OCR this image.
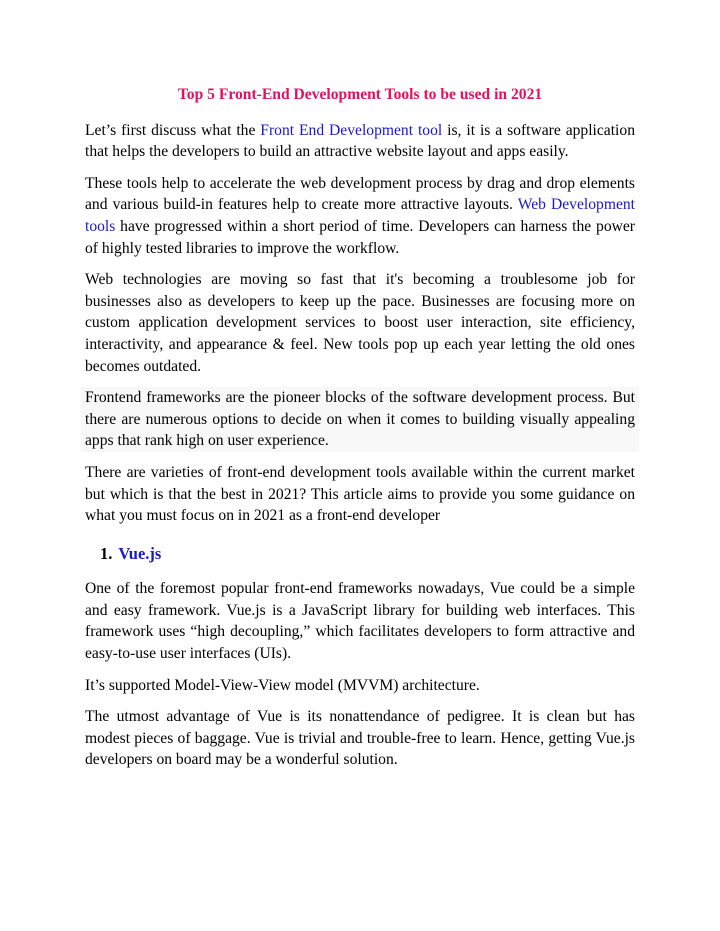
Top 5 Front-End Development Tools to be used in 2021

Let’s first discuss what the Front End Development tool is, it is a software application that helps the developers to build an attractive website layout and apps easily.

These tools help to accelerate the web development process by drag and drop elements and various build-in features help to create more attractive layouts. Web Development tools have progressed within a short period of time. Developers can harness the power of highly tested libraries to improve the workflow.

Web technologies are moving so fast that it's becoming a troublesome job for businesses also as developers to keep up the pace. Businesses are focusing more on custom application development services to boost user interaction, site efficiency, interactivity, and appearance & feel. New tools pop up each year letting the old ones becomes outdated.

Frontend frameworks are the pioneer blocks of the software development process. But there are numerous options to decide on when it comes to building visually appealing apps that rank high on user experience.

There are varieties of front-end development tools available within the current market but which is that the best in 2021? This article aims to provide you some guidance on what you must focus on in 2021 as a front-end developer

1. Vue.js

One of the foremost popular front-end frameworks nowadays, Vue could be a simple and easy framework. Vue.js is a JavaScript library for building web interfaces. This framework uses “high decoupling,” which facilitates developers to form attractive and easy-to-use user interfaces (UIs).

It’s supported Model-View-View model (MVVM) architecture.

The utmost advantage of Vue is its nonattendance of pedigree. It is clean but has modest pieces of baggage. Vue is trivial and trouble-free to learn. Hence, getting Vue.js developers on board may be a wonderful solution.
